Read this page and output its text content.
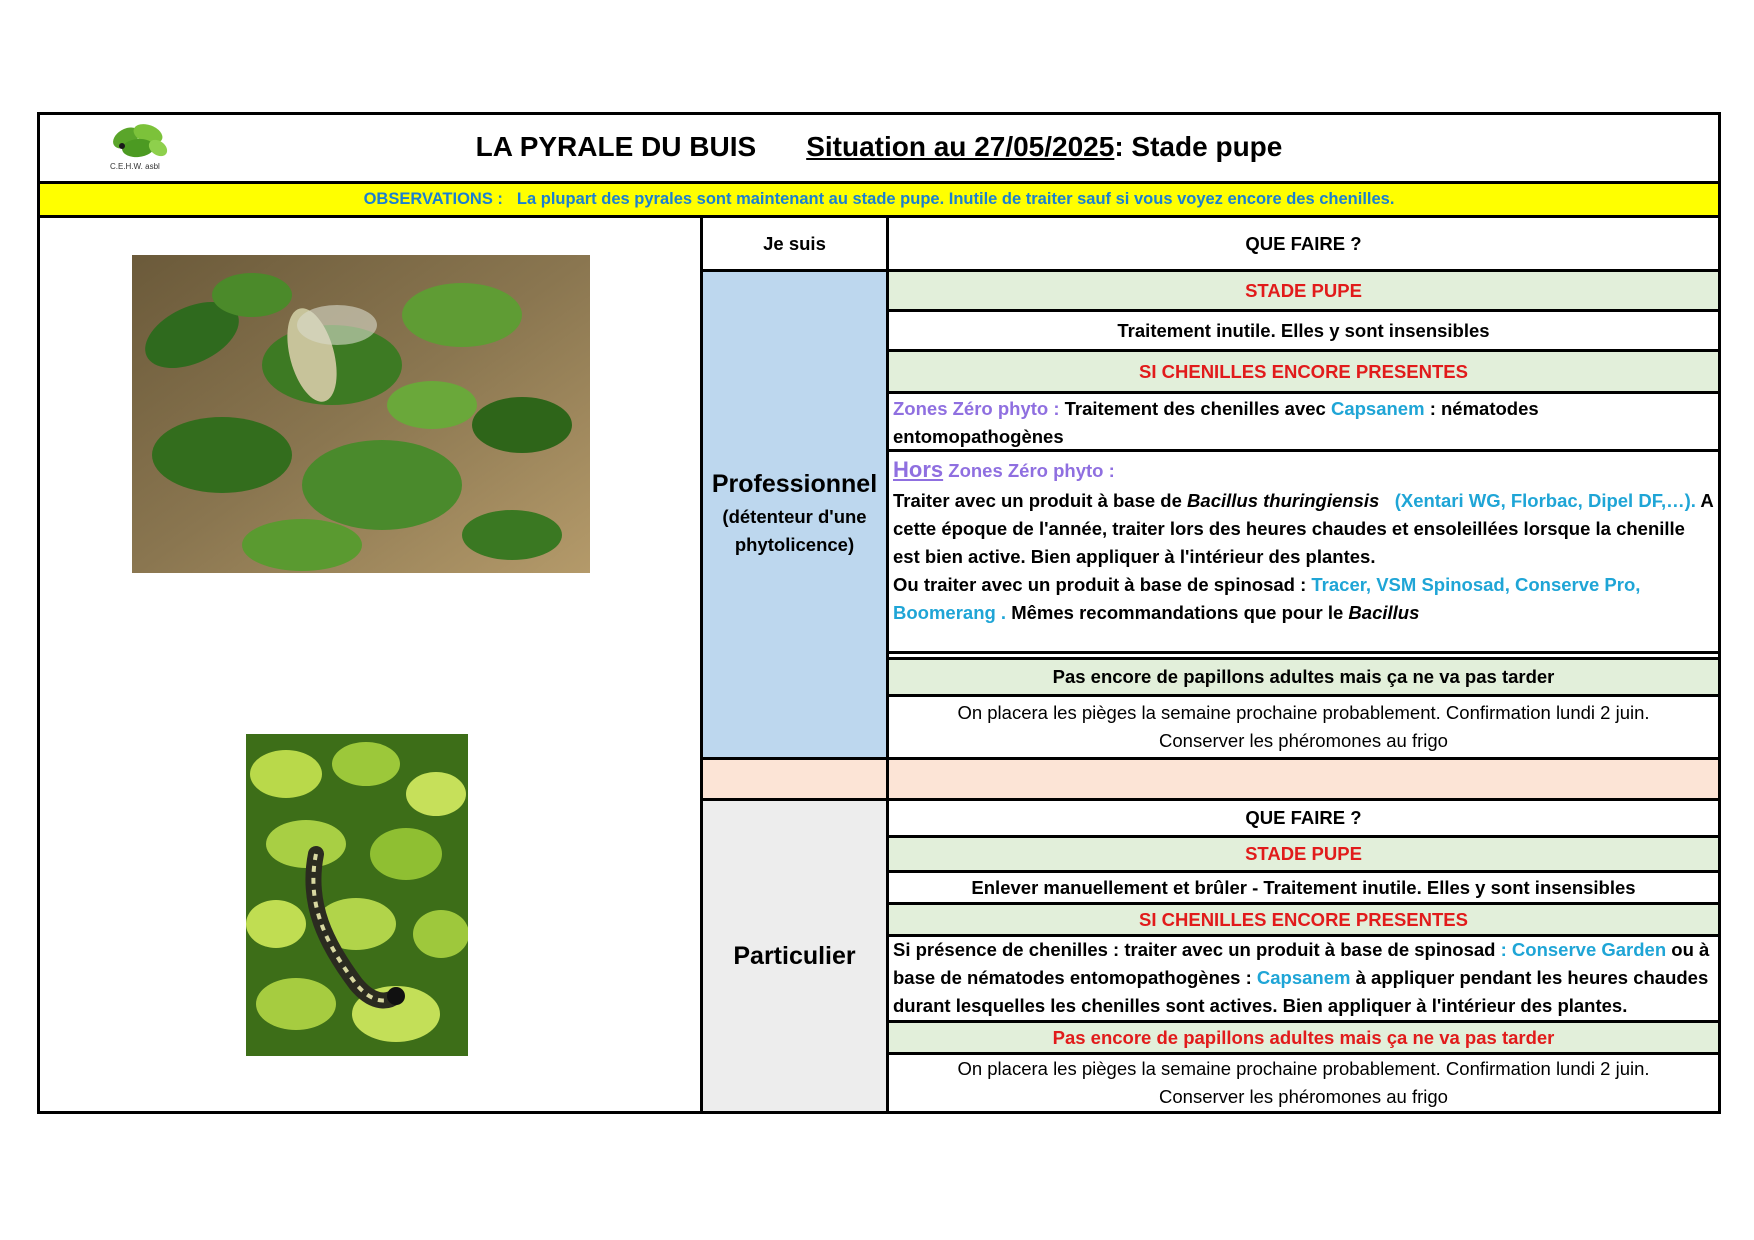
C.E.H.W. asbl
LA PYRALE DU BUIS Situation au 27/05/2025 : Stade pupe
OBSERVATIONS : La plupart des pyrales sont maintenant au stade pupe. Inutile de traiter sauf si vous voyez encore des chenilles.
Je suis	QUE FAIRE ?
Professionnel
(détenteur d'une phytolicence)
STADE PUPE
Traitement inutile. Elles y sont insensibles
SI CHENILLES ENCORE PRESENTES
Zones Zéro phyto : Traitement des chenilles avec Capsanem : nématodes entomopathogènes
Hors Zones Zéro phyto :
Traiter avec un produit à base de Bacillus thuringiensis (Xentari WG, Florbac, Dipel DF,…). A cette époque de l'année, traiter lors des heures chaudes et ensoleillées lorsque la chenille est bien active. Bien appliquer à l'intérieur des plantes.
Ou traiter avec un produit à base de spinosad : Tracer, VSM Spinosad, Conserve Pro, Boomerang . Mêmes recommandations que pour le Bacillus
Pas encore de papillons adultes mais ça ne va pas tarder
On placera les pièges la semaine prochaine probablement. Confirmation lundi 2 juin.
Conserver les phéromones au frigo
Particulier
QUE FAIRE ?
STADE PUPE
Enlever manuellement et brûler - Traitement inutile. Elles y sont insensibles
SI CHENILLES ENCORE PRESENTES
Si présence de chenilles : traiter avec un produit à base de spinosad : Conserve Garden ou à base de nématodes entomopathogènes : Capsanem à appliquer pendant les heures chaudes durant lesquelles les chenilles sont actives. Bien appliquer à l'intérieur des plantes.
Pas encore de papillons adultes mais ça ne va pas tarder
On placera les pièges la semaine prochaine probablement. Confirmation lundi 2 juin.
Conserver les phéromones au frigo
